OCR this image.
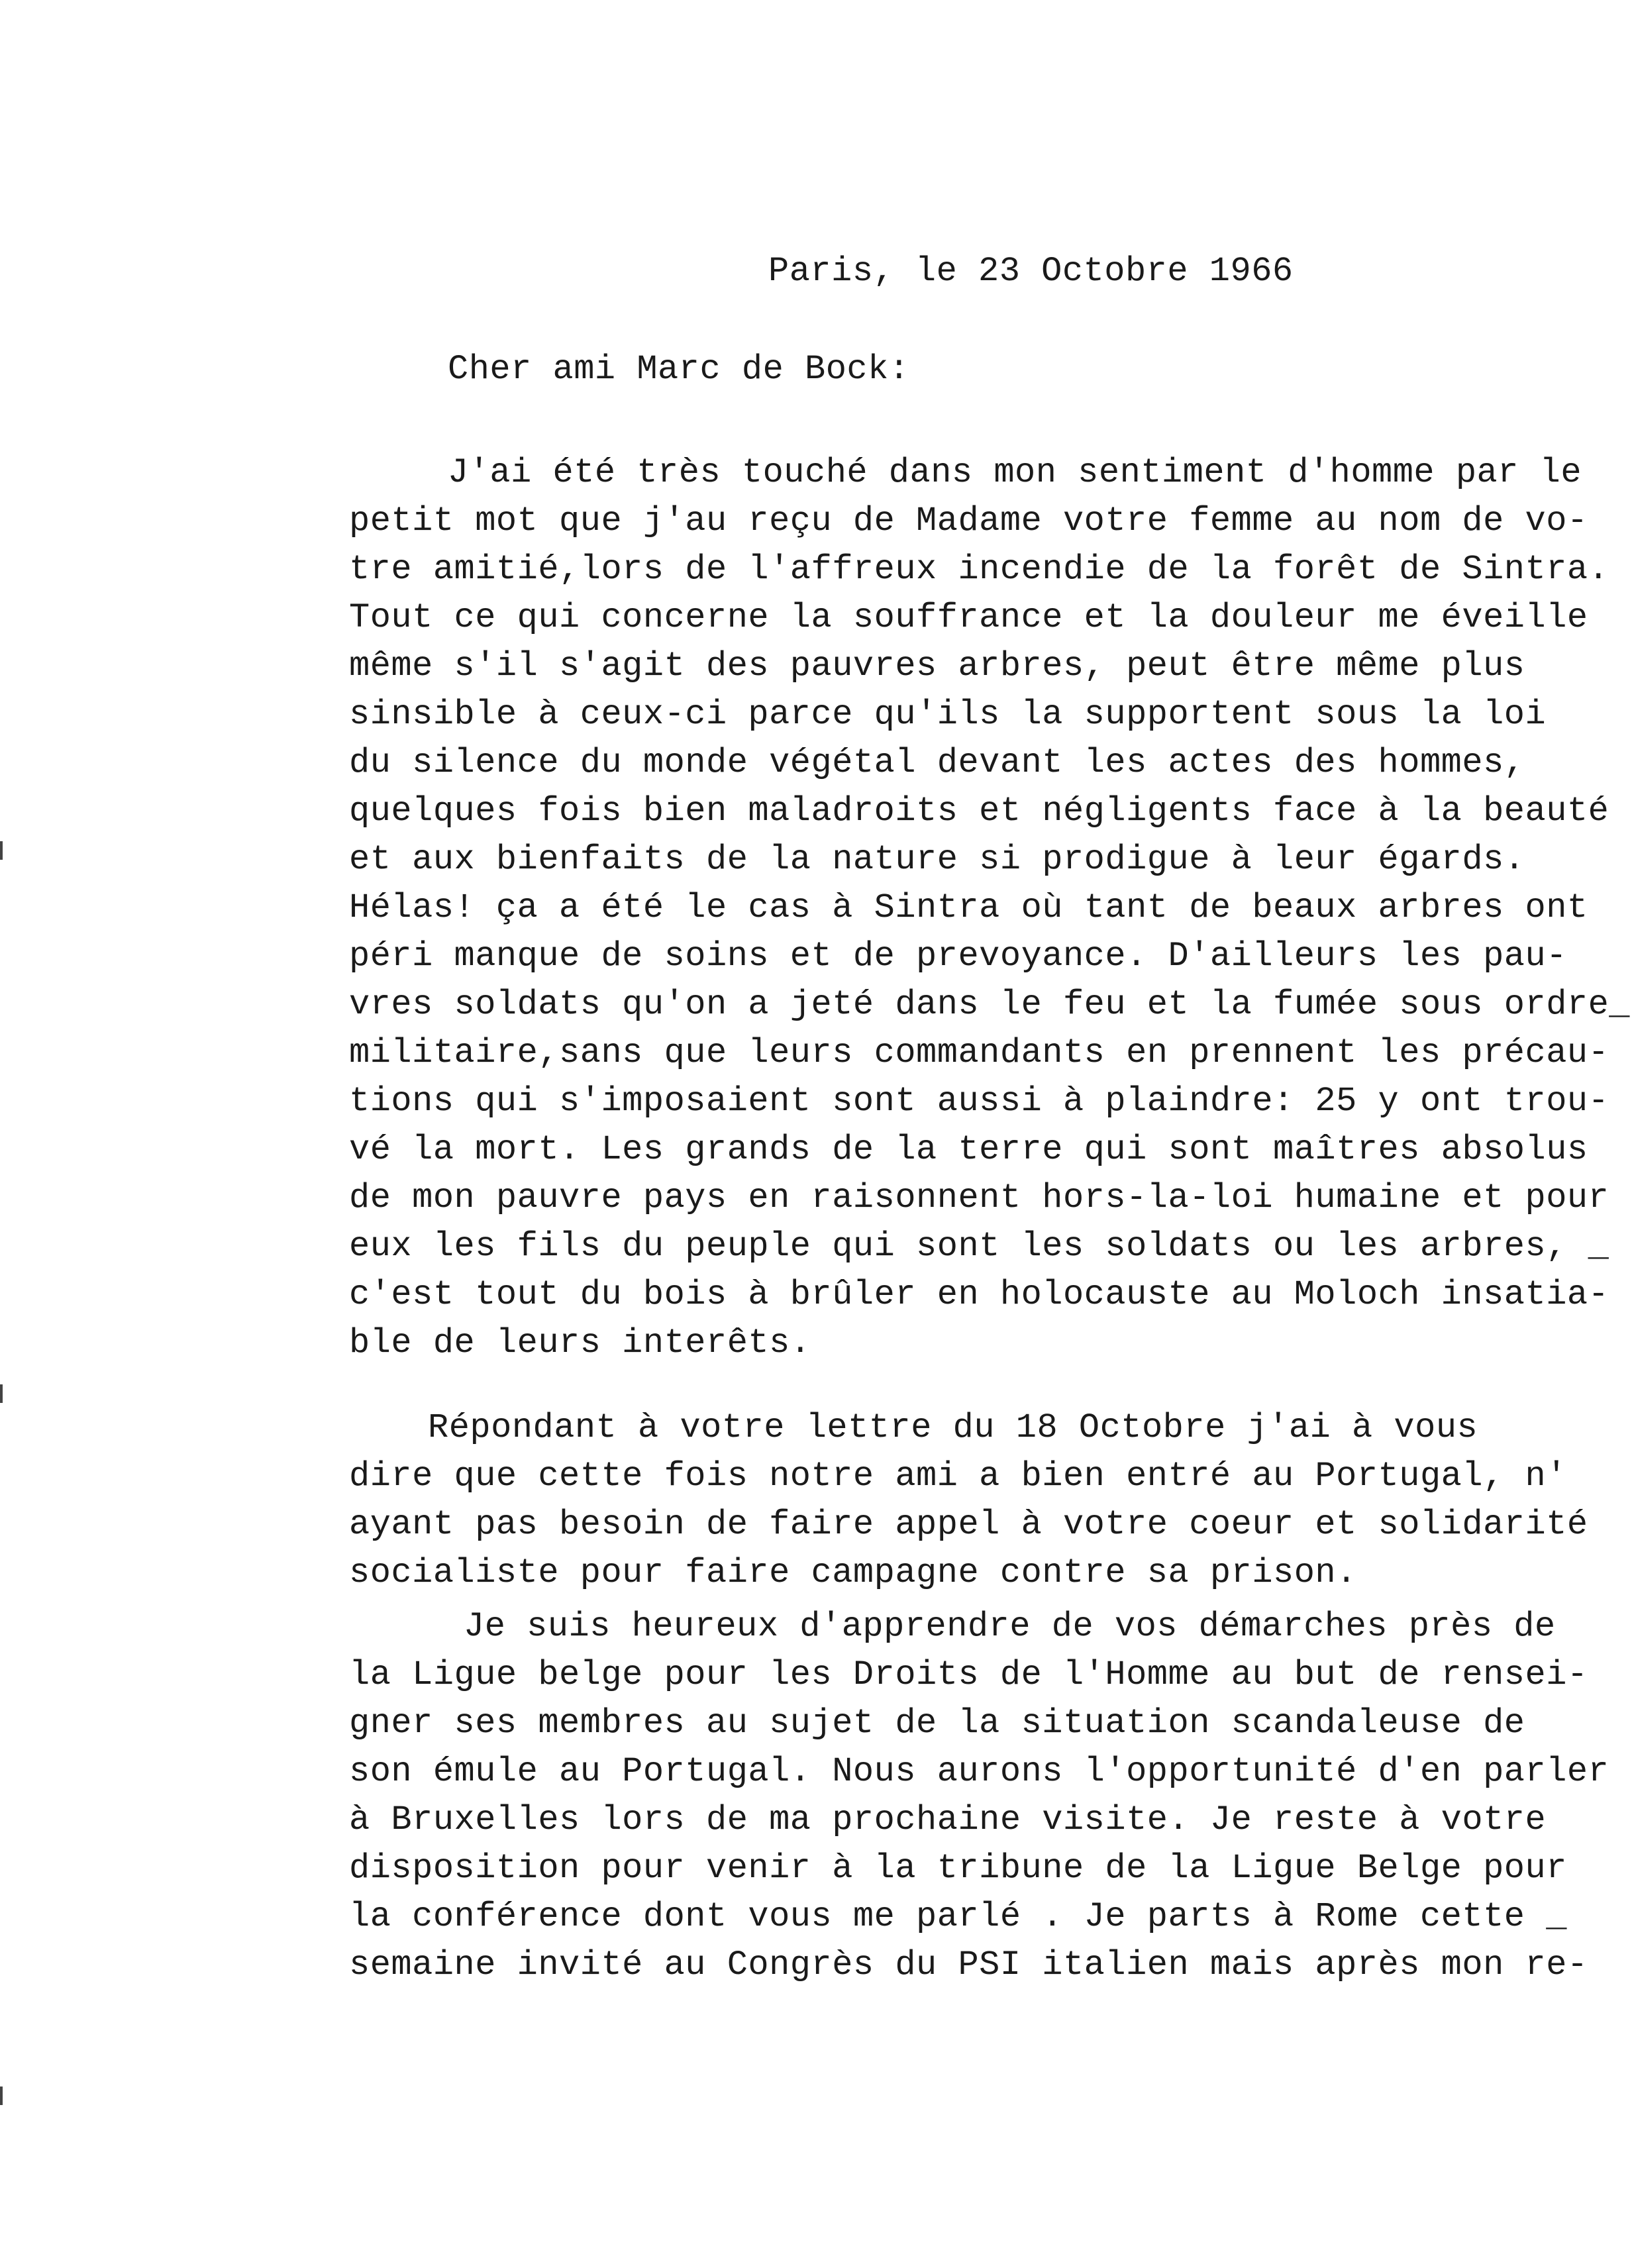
Paris, le 23 Octobre 1966
Cher ami Marc de Bock:
J'ai été très touché dans mon sentiment d'homme par le
petit mot que j'au reçu de Madame votre femme au nom de vo-
tre amitié,lors de l'affreux incendie de la forêt de Sintra.
Tout ce qui concerne la souffrance et la douleur me éveille
même s'il s'agit des pauvres arbres, peut être même plus
sinsible à ceux-ci parce qu'ils la supportent sous la loi
du silence du monde végétal devant les actes des hommes,
quelques fois bien maladroits et négligents face à la beauté
et aux bienfaits de la nature si prodigue à leur égards.
Hélas! ça a été le cas à Sintra où tant de beaux arbres ont
péri manque de soins et de prevoyance. D'ailleurs les pau-
vres soldats qu'on a jeté dans le feu et la fumée sous ordre_
militaire,sans que leurs commandants en prennent les précau-
tions qui s'imposaient sont aussi à plaindre: 25 y ont trou-
vé la mort. Les grands de la terre qui sont maîtres absolus
de mon pauvre pays en raisonnent hors-la-loi humaine et pour
eux les fils du peuple qui sont les soldats ou les arbres, _
c'est tout du bois à brûler en holocauste au Moloch insatia-
ble de leurs interêts.
Répondant à votre lettre du 18 Octobre j'ai à vous
dire que cette fois notre ami a bien entré au Portugal, n'
ayant pas besoin de faire appel à votre coeur et solidarité
socialiste pour faire campagne contre sa prison.
Je suis heureux d'apprendre de vos démarches près de
la Ligue belge pour les Droits de l'Homme au but de rensei-
gner ses membres au sujet de la situation scandaleuse de
son émule au Portugal. Nous aurons l'opportunité d'en parler
à Bruxelles lors de ma prochaine visite. Je reste à votre
disposition pour venir à la tribune de la Ligue Belge pour
la conférence dont vous me parlé . Je parts à Rome cette _
semaine invité au Congrès du PSI italien mais après mon re-
